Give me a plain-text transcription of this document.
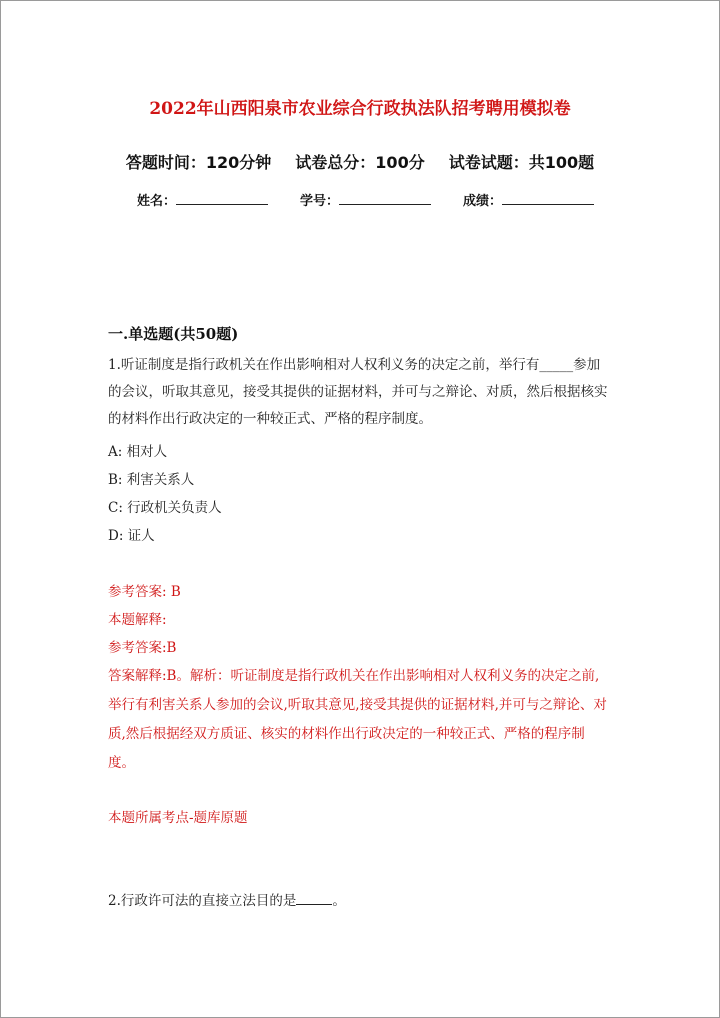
2022年山西阳泉市农业综合行政执法队招考聘用模拟卷
答题时间：120分钟 试卷总分：100分 试卷试题：共100题
姓名：	学号：	成绩：
一.单选题(共50题)
1.听证制度是指行政机关在作出影响相对人权利义务的决定之前，举行有_____参加的会议，听取其意见，接受其提供的证据材料，并可与之辩论、对质，然后根据核实的材料作出行政决定的一种较正式、严格的程序制度。
A: 相对人
B: 利害关系人
C: 行政机关负责人
D: 证人
参考答案: B
本题解释:
参考答案:B
答案解释:B。解析：听证制度是指行政机关在作出影响相对人权利义务的决定之前,举行有利害关系人参加的会议,听取其意见,接受其提供的证据材料,并可与之辩论、对质,然后根据经双方质证、核实的材料作出行政决定的一种较正式、严格的程序制度。
本题所属考点-题库原题
2.行政许可法的直接立法目的是	。
